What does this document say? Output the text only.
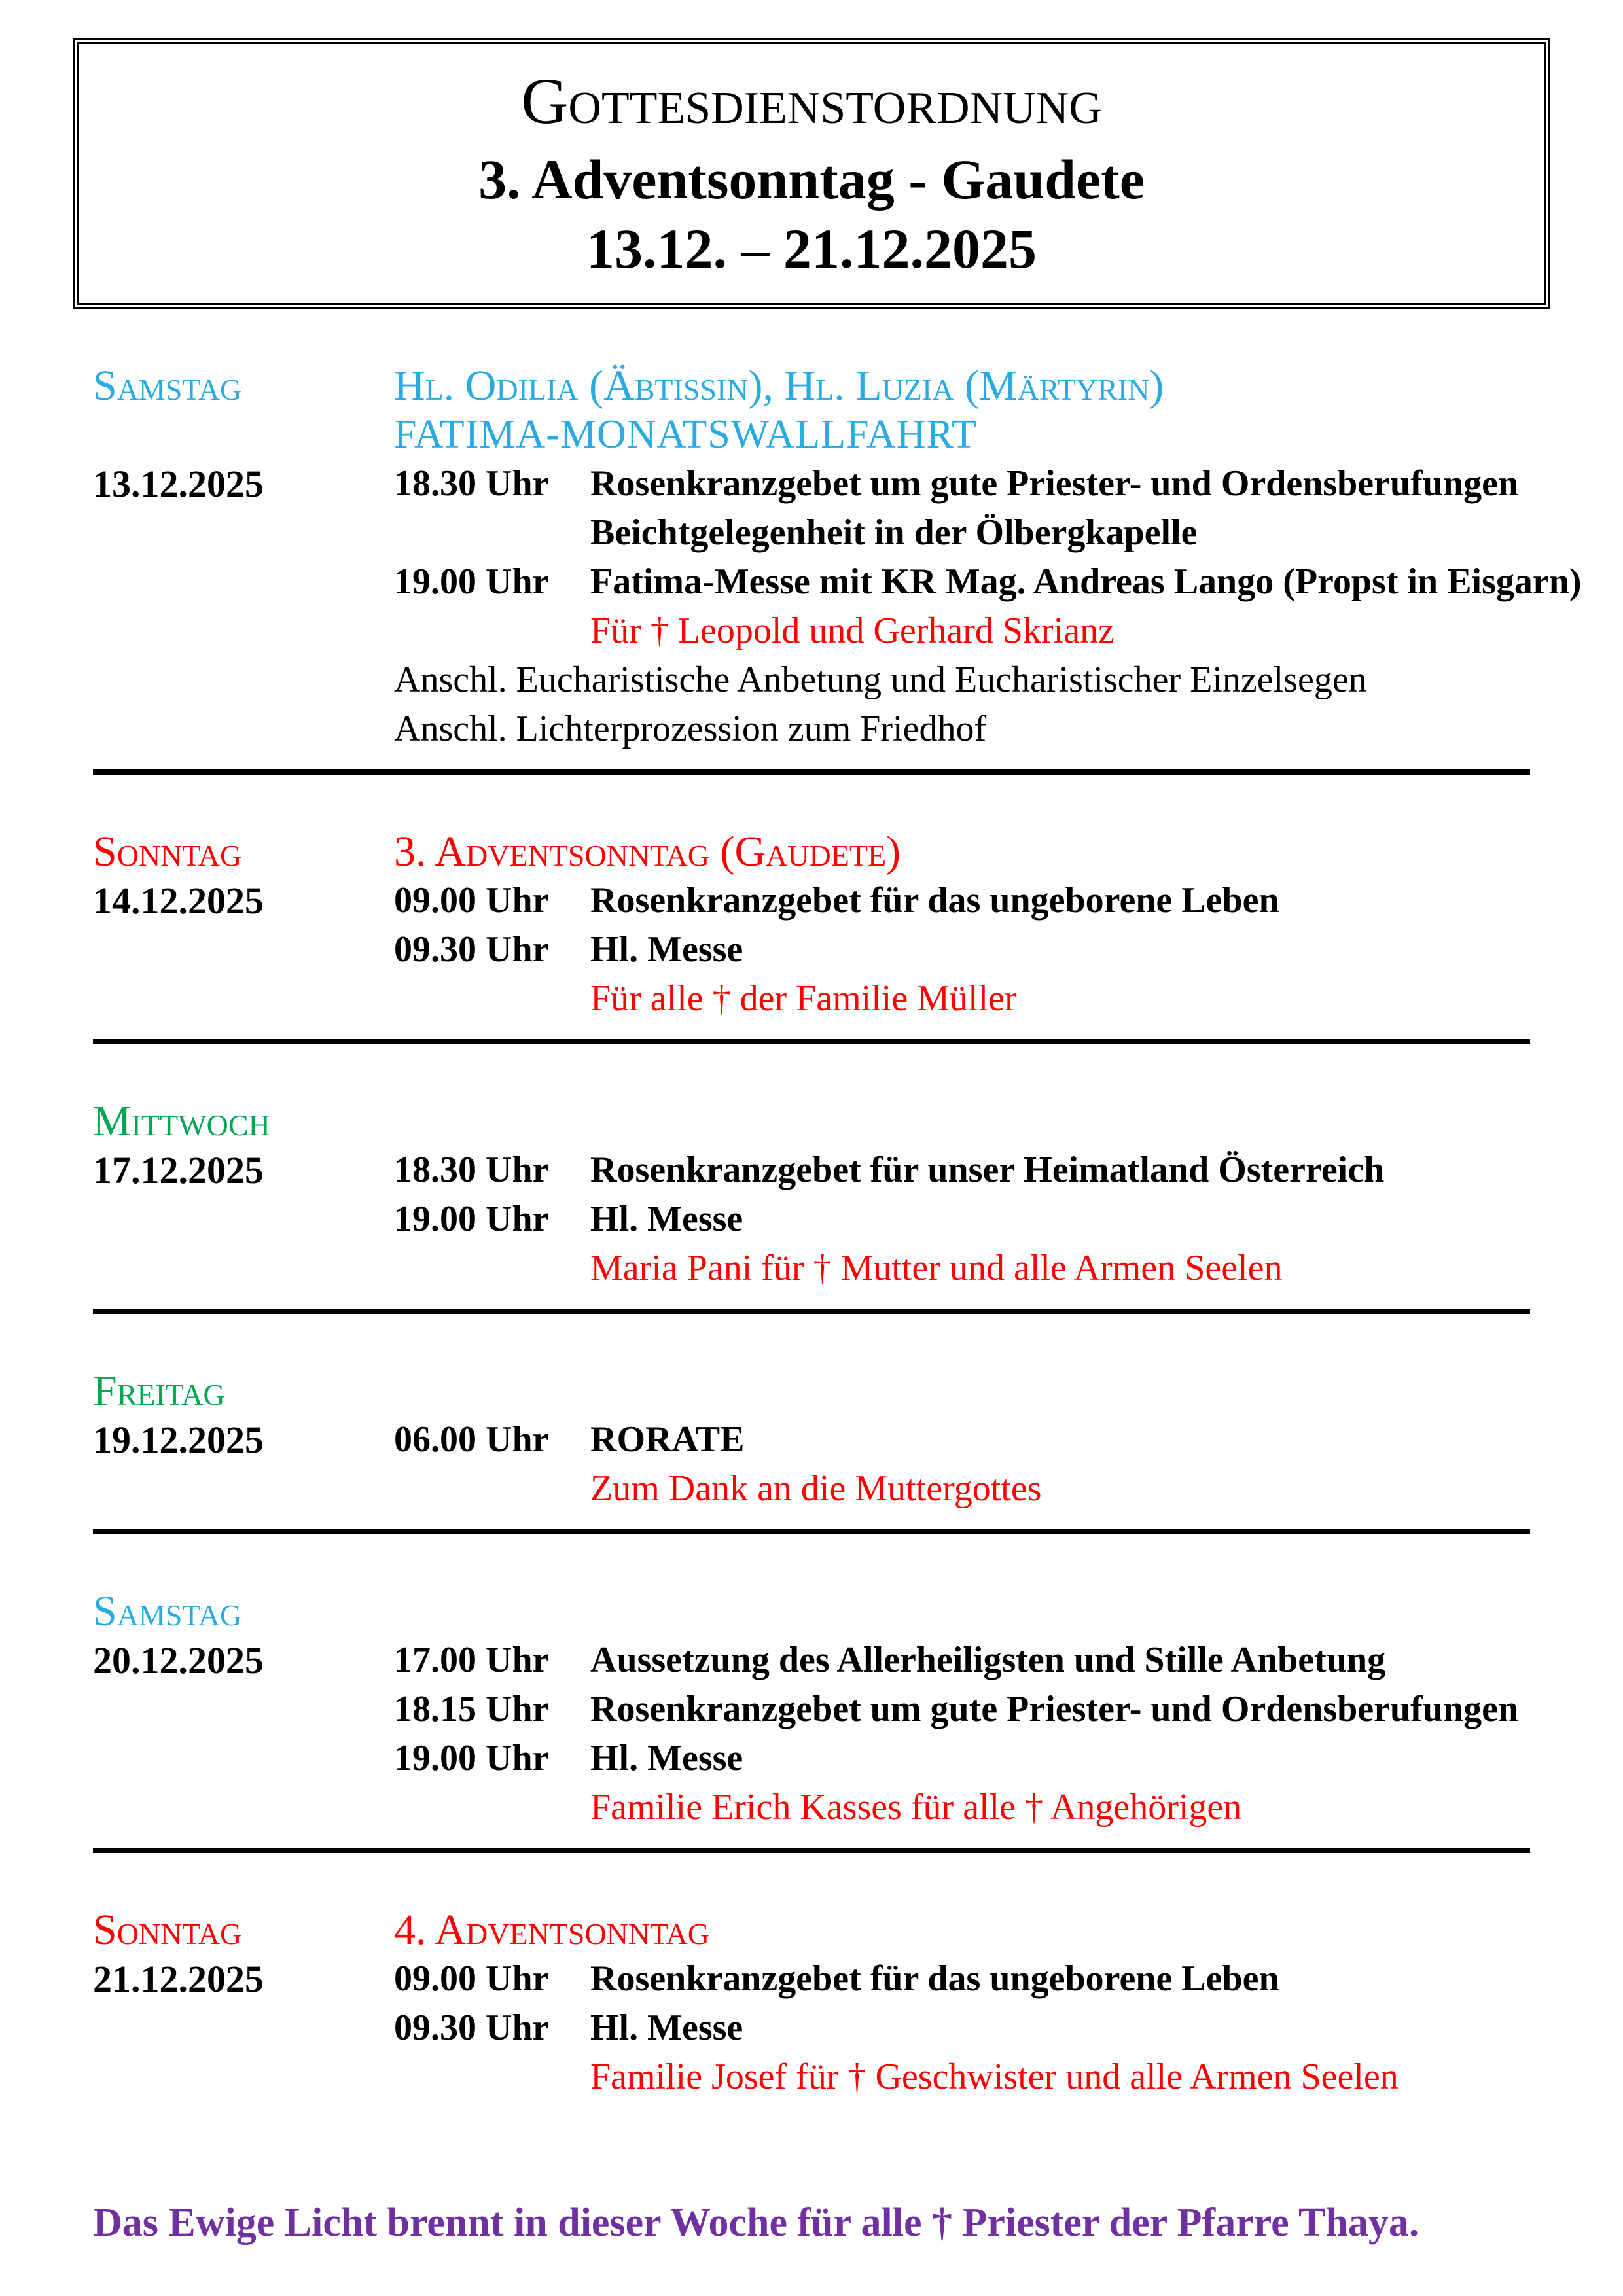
Gottesdienstordnung
3. Adventsonntag - Gaudete
13.12. – 21.12.2025
Samstag	Hl. Odilia (Äbtissin), Hl. Luzia (Märtyrin)
FATIMA-MONATSWALLFAHRT
13.12.2025	18.30 Uhr	Rosenkranzgebet um gute Priester- und Ordensberufungen
Beichtgelegenheit in der Ölbergkapelle
19.00 Uhr	Fatima-Messe mit KR Mag. Andreas Lango (Propst in Eisgarn)
Für † Leopold und Gerhard Skrianz
Anschl. Eucharistische Anbetung und Eucharistischer Einzelsegen
Anschl. Lichterprozession zum Friedhof
Sonntag	3. Adventsonntag (Gaudete)
14.12.2025	09.00 Uhr	Rosenkranzgebet für das ungeborene Leben
09.30 Uhr	Hl. Messe
Für alle † der Familie Müller
Mittwoch
17.12.2025	18.30 Uhr	Rosenkranzgebet für unser Heimatland Österreich
19.00 Uhr	Hl. Messe
Maria Pani für † Mutter und alle Armen Seelen
Freitag
19.12.2025	06.00 Uhr	RORATE
Zum Dank an die Muttergottes
Samstag
20.12.2025	17.00 Uhr	Aussetzung des Allerheiligsten und Stille Anbetung
18.15 Uhr	Rosenkranzgebet um gute Priester- und Ordensberufungen
19.00 Uhr	Hl. Messe
Familie Erich Kasses für alle † Angehörigen
Sonntag	4. Adventsonntag
21.12.2025	09.00 Uhr	Rosenkranzgebet für das ungeborene Leben
09.30 Uhr	Hl. Messe
Familie Josef für † Geschwister und alle Armen Seelen
Das Ewige Licht brennt in dieser Woche für alle † Priester der Pfarre Thaya.
